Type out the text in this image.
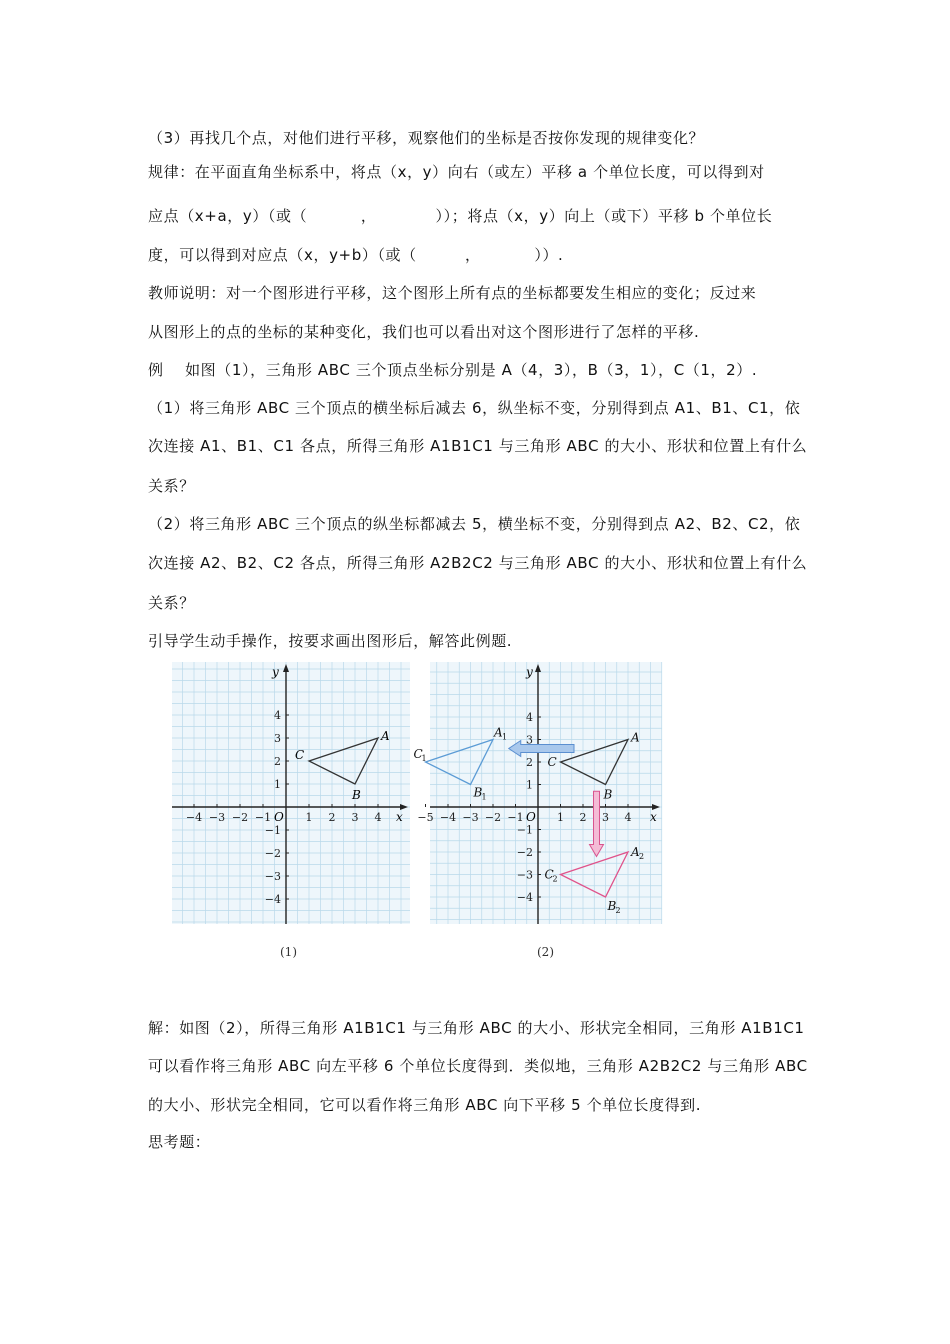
（3）再找几个点，对他们进行平移，观察他们的坐标是否按你发现的规律变化？
规律：在平面直角坐标系中，将点（x，y）向右（或左）平移 a 个单位长度，可以得到对
应点（x+a，y）（或（          ，           ））；将点（x，y）向上（或下）平移 b 个单位长
度，可以得到对应点（x，y+b）（或（         ，          ））.
教师说明：对一个图形进行平移，这个图形上所有点的坐标都要发生相应的变化；反过来
从图形上的点的坐标的某种变化，我们也可以看出对这个图形进行了怎样的平移.
例    如图（1），三角形 ABC 三个顶点坐标分别是 A（4，3），B（3，1），C（1，2）.
（1）将三角形 ABC 三个顶点的横坐标后减去 6，纵坐标不变，分别得到点 A1、B1、C1，依
次连接 A1、B1、C1 各点，所得三角形 A1B1C1 与三角形 ABC 的大小、形状和位置上有什么
关系？
（2）将三角形 ABC 三个顶点的纵坐标都减去 5，横坐标不变，分别得到点 A2、B2、C2，依
次连接 A2、B2、C2 各点，所得三角形 A2B2C2 与三角形 ABC 的大小、形状和位置上有什么
关系？
引导学生动手操作，按要求画出图形后，解答此例题.
−4 −3 −2 −1	1 2 3 4
4
3
2
1
−1
−2
−3
−4
A
B
C
x
y
O
(1)
−5 −4 −3 −2 −1	1 2 3 4
4
3
2
1
−1
−2
−3
−4
A
B
C
A 1
B 1
C
1
A 2
B 2
C
2
x
y
O
(2)
解：如图（2），所得三角形 A1B1C1 与三角形 ABC 的大小、形状完全相同，三角形 A1B1C1
可以看作将三角形 ABC 向左平移 6 个单位长度得到．类似地，三角形 A2B2C2 与三角形 ABC
的大小、形状完全相同，它可以看作将三角形 ABC 向下平移 5 个单位长度得到.
思考题：
